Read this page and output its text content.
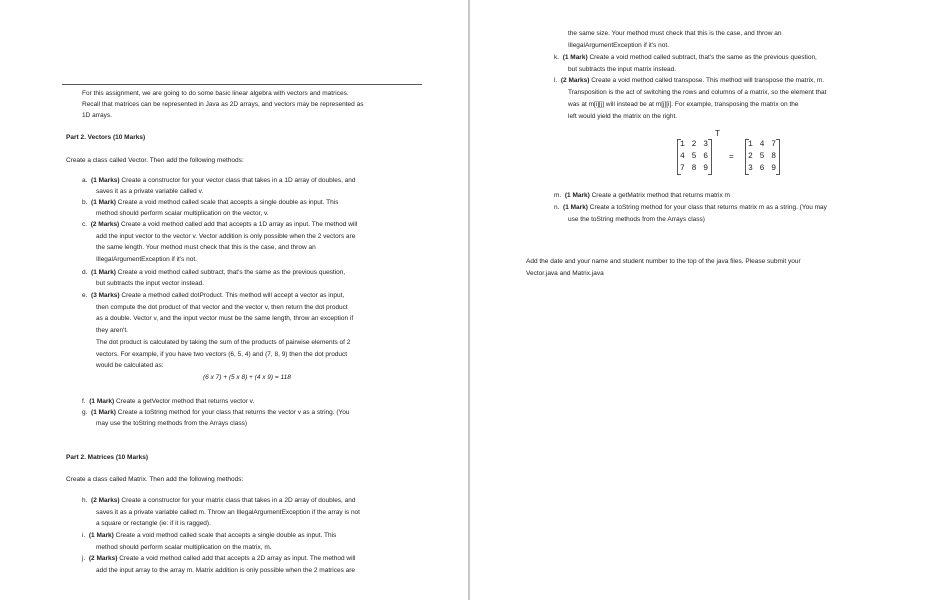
For this assignment, we are going to do some basic linear algebra with vectors and matrices.
Recall that matrices can be represented in Java as 2D arrays, and vectors may be represented as
1D arrays.
Part 2. Vectors (10 Marks)
Create a class called Vector. Then add the following methods:
a. (1 Marks) Create a constructor for your vector class that takes in a 1D array of doubles, and
saves it as a private variable called v.
b. (1 Mark) Create a void method called scale that accepts a single double as input. This
method should perform scalar multiplication on the vector, v.
c. (2 Marks) Create a void method called add that accepts a 1D array as input. The method will
add the input vector to the vector v. Vector addition is only possible when the 2 vectors are
the same length. Your method must check that this is the case, and throw an
IllegalArgumentException if it's not.
d. (1 Mark) Create a void method called subtract, that's the same as the previous question,
but subtracts the input vector instead.
e. (3 Marks) Create a method called dotProduct. This method will accept a vector as input,
then compute the dot product of that vector and the vector v, then return the dot product
as a double. Vector v, and the input vector must be the same length, throw an exception if
they aren't.
The dot product is calculated by taking the sum of the products of pairwise elements of 2
vectors. For example, if you have two vectors (6, 5, 4) and (7, 8, 9) then the dot product
would be calculated as:
(6 x 7) + (5 x 8) + (4 x 9) = 118
f. (1 Mark) Create a getVector method that returns vector v.
g. (1 Mark) Create a toString method for your class that returns the vector v as a string. (You
may use the toString methods from the Arrays class)
Part 2. Matrices (10 Marks)
Create a class called Matrix. Then add the following methods:
h. (2 Marks) Create a constructor for your matrix class that takes in a 2D array of doubles, and
saves it as a private variable called m. Throw an IllegalArgumentException if the array is not
a square or rectangle (ie: if it is ragged).
i. (1 Mark) Create a void method called scale that accepts a single double as input. This
method should perform scalar multiplication on the matrix, m.
j. (2 Marks) Create a void method called add that accepts a 2D array as input. The method will
add the input array to the array m. Matrix addition is only possible when the 2 matrices are
the same size. Your method must check that this is the case, and throw an
IllegalArgumentException if it's not.
k. (1 Mark) Create a void method called subtract, that's the same as the previous question,
but subtracts the input matrix instead.
l. (2 Marks) Create a void method called transpose. This method will transpose the matrix, m.
Transposition is the act of switching the rows and columns of a matrix, so the element that
was at m[i][j] will instead be at m[j][i]. For example, transposing the matrix on the
left would yield the matrix on the right.
T
1 2 3
4 5 6
7 8 9
=
1 4 7
2 5 8
3 6 9
m. (1 Mark) Create a getMatrix method that returns matrix m
n. (1 Mark) Create a toString method for your class that returns matrix m as a string. (You may
use the toString methods from the Arrays class)
Add the date and your name and student number to the top of the java files. Please submit your
Vector.java and Matrix.java
